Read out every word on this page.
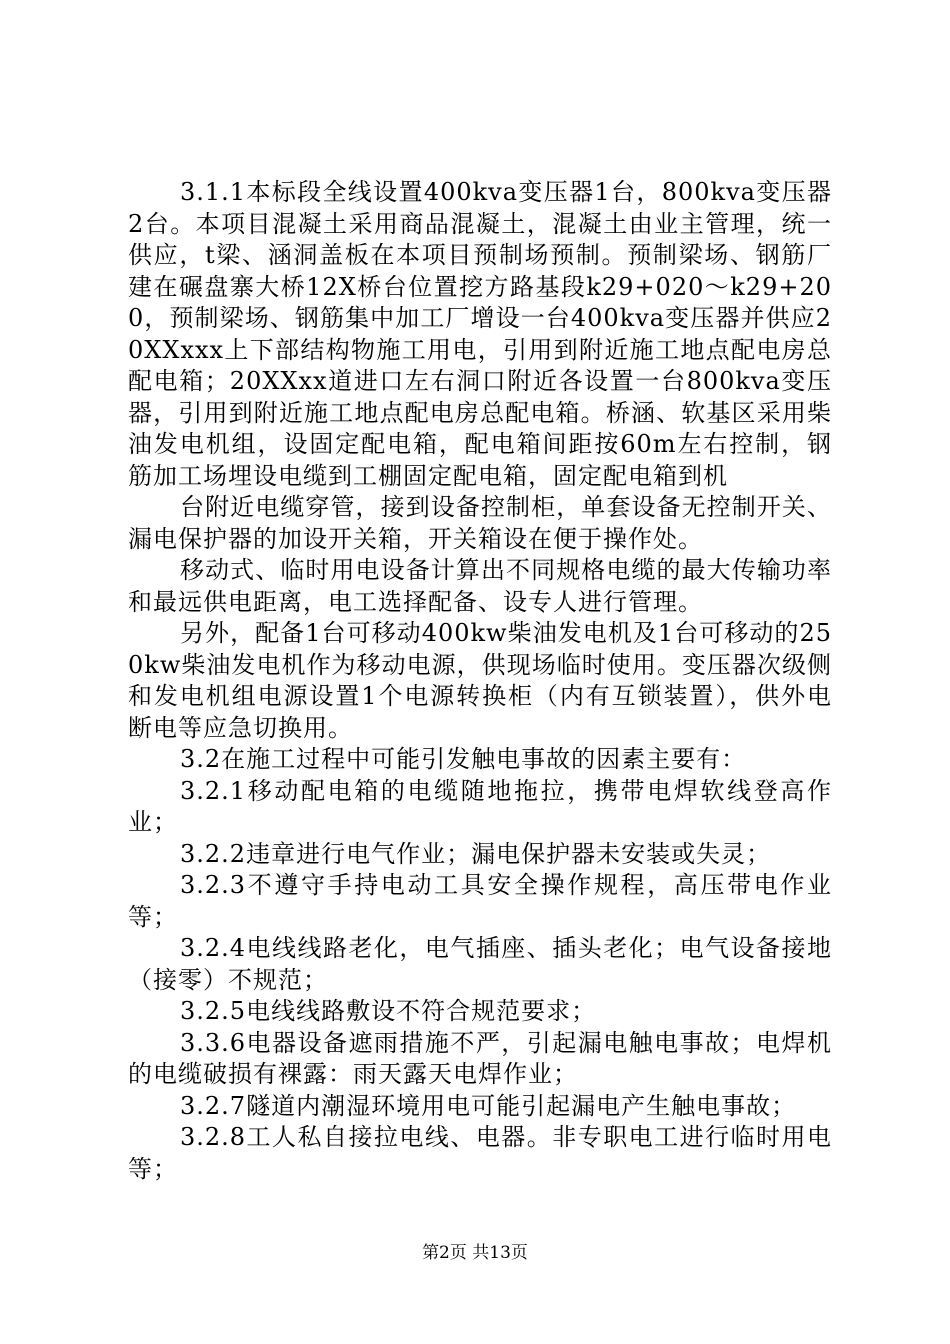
3.1.1本标段全线设置400kva变压器1台，800kva变压器2台。本项目混凝土采用商品混凝土，混凝土由业主管理，统一供应，t梁、涵洞盖板在本项目预制场预制。预制梁场、钢筋厂建在碾盘寨大桥12X桥台位置挖方路基段k29+020～k29+200，预制梁场、钢筋集中加工厂增设一台400kva变压器并供应20XXxxx上下部结构物施工用电，引用到附近施工地点配电房总配电箱；20XXxx道进口左右洞口附近各设置一台800kva变压器，引用到附近施工地点配电房总配电箱。桥涵、软基区采用柴油发电机组，设固定配电箱，配电箱间距按60m左右控制，钢筋加工场埋设电缆到工棚固定配电箱，固定配电箱到机

台附近电缆穿管，接到设备控制柜，单套设备无控制开关、漏电保护器的加设开关箱，开关箱设在便于操作处。

移动式、临时用电设备计算出不同规格电缆的最大传输功率和最远供电距离，电工选择配备、设专人进行管理。

另外，配备1台可移动400kw柴油发电机及1台可移动的250kw柴油发电机作为移动电源，供现场临时使用。变压器次级侧和发电机组电源设置1个电源转换柜（内有互锁装置），供外电断电等应急切换用。

3.2在施工过程中可能引发触电事故的因素主要有：

3.2.1移动配电箱的电缆随地拖拉，携带电焊软线登高作业；

3.2.2违章进行电气作业；漏电保护器未安装或失灵；

3.2.3不遵守手持电动工具安全操作规程，高压带电作业等；

3.2.4电线线路老化，电气插座、插头老化；电气设备接地（接零）不规范；

3.2.5电线线路敷设不符合规范要求；

3.3.6电器设备遮雨措施不严，引起漏电触电事故；电焊机的电缆破损有裸露：雨天露天电焊作业；

3.2.7隧道内潮湿环境用电可能引起漏电产生触电事故；

3.2.8工人私自接拉电线、电器。非专职电工进行临时用电等；

第2页 共13页
